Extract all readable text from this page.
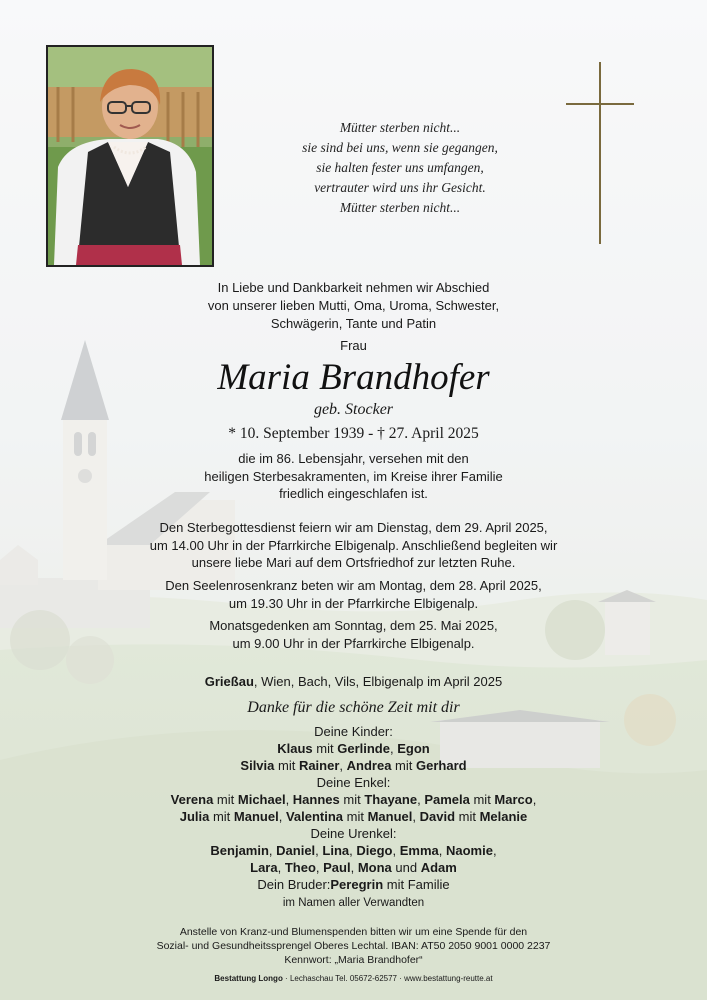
Mütter sterben nicht...
sie sind bei uns, wenn sie gegangen,
sie halten fester uns umfangen,
vertrauter wird uns ihr Gesicht.
Mütter sterben nicht...
In Liebe und Dankbarkeit nehmen wir Abschied
von unserer lieben Mutti, Oma, Uroma, Schwester,
Schwägerin, Tante und Patin
Frau
Maria Brandhofer
geb. Stocker
* 10. September 1939 - † 27. April 2025
die im 86. Lebensjahr, versehen mit den
heiligen Sterbesakramenten, im Kreise ihrer Familie
friedlich eingeschlafen ist.
Den Sterbegottesdienst feiern wir am Dienstag, dem 29. April 2025,
um 14.00 Uhr in der Pfarrkirche Elbigenalp. Anschließend begleiten wir
unsere liebe Mari auf dem Ortsfriedhof zur letzten Ruhe.
Den Seelenrosenkranz beten wir am Montag, dem 28. April 2025,
um 19.30 Uhr in der Pfarrkirche Elbigenalp.
Monatsgedenken am Sonntag, dem 25. Mai 2025,
um 9.00 Uhr in der Pfarrkirche Elbigenalp.
Grießau, Wien, Bach, Vils, Elbigenalp im April 2025
Danke für die schöne Zeit mit dir
Deine Kinder:
Klaus mit Gerlinde, Egon
Silvia mit Rainer, Andrea mit Gerhard
Deine Enkel:
Verena mit Michael, Hannes mit Thayane, Pamela mit Marco,
Julia mit Manuel, Valentina mit Manuel, David mit Melanie
Deine Urenkel:
Benjamin, Daniel, Lina, Diego, Emma, Naomie,
Lara, Theo, Paul, Mona und Adam
Dein Bruder:Peregrin mit Familie
im Namen aller Verwandten
Anstelle von Kranz-und Blumenspenden bitten wir um eine Spende für den
Sozial- und Gesundheitssprengel Oberes Lechtal. IBAN: AT50 2050 9001 0000 2237
Kennwort: „Maria Brandhofer“
Bestattung Longo · Lechaschau Tel. 05672-62577 · www.bestattung-reutte.at
